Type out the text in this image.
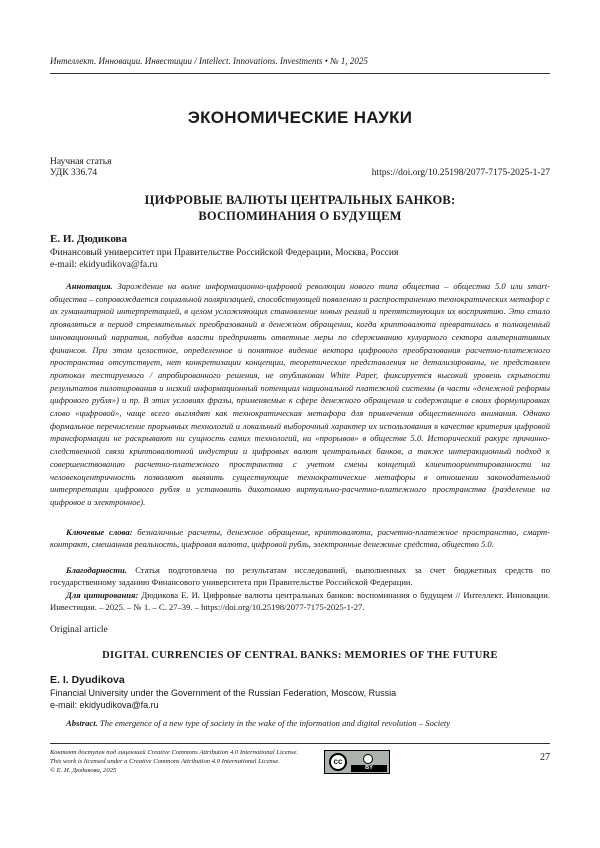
Интеллект. Инновации. Инвестиции / Intellect. Innovations. Investments • № 1, 2025
ЭКОНОМИЧЕСКИЕ НАУКИ
Научная статья
УДК 336.74	https://doi.org/10.25198/2077-7175-2025-1-27
ЦИФРОВЫЕ ВАЛЮТЫ ЦЕНТРАЛЬНЫХ БАНКОВ:
ВОСПОМИНАНИЯ О БУДУЩЕМ
Е. И. Дюдикова
Финансовый университет при Правительстве Российской Федерации, Москва, Россия
e-mail: ekidyudikova@fa.ru

Аннотация. Зарождение на волне информационно-цифровой революции нового типа общества – общества 5.0 или smart-общества – сопровождается социальной поляризацией, способствующей появлению и распространению технократических метафор с их гуманитарной интерпретацией, в целом усложняющих становление новых реалий и препятствующих их восприятию. Это стало проявляться в период стремительных преобразований в денежном обращении, когда криптовалюта превратилась в полноценный инновационный нарратив, побудив власти предпринять ответные меры по сдерживанию кулуарного сектора альтернативных финансов. При этом целостное, определенное и понятное видение вектора цифрового преобразования расчетно-платежного пространства отсутствует, нет конкретизации концепции, теоретические представления не детализированы, не представлен протокол тестируемого / апробированного решения, не опубликован White Paper, фиксируется высокий уровень скрытости результатов пилотирования и низкий информационный потенциал национальной платежной системы (в части «денежной реформы цифрового рубля») и пр. В этих условиях фразы, применяемые к сфере денежного обращения и содержащие в своих формулировках слово «цифровой», чаще всего выглядят как технократическая метафора для привлечения общественного внимания. Однако формальное перечисление прорывных технологий и локальный выборочный характер их использования в качестве критерия цифровой трансформации не раскрывают ни сущность самих технологий, ни «прорывов» в обществе 5.0. Исторический ракурс причинно-следственной связи криптовалютной индустрии и цифровых валют центральных банков, а также интеракционный подход к совершенствованию расчетно-платежного пространства с учетом смены концепций клиентоориентированности на человекоцентричность позволяют выявить существующие технократические метафоры в отношении законодательной интерпретации цифрового рубля и установить дихотомию виртуально-расчетно-платежного пространства (разделение на цифровое и электронное).

Ключевые слова: безналичные расчеты, денежное обращение, криптовалюта, расчетно-платежное пространство, смарт-контракт, смешанная реальность, цифровая валюта, цифровой рубль, электронные денежные средства, общество 5.0.

Благодарности. Статья подготовлена по результатам исследований, выполненных за счет бюджетных средств по государственному заданию Финансового университета при Правительстве Российской Федерации.

Для цитирования: Дюдикова Е. И. Цифровые валюты центральных банков: воспоминания о будущем // Интеллект. Инновации. Инвестиции. – 2025. – № 1. – С. 27–39. – https://doi.org/10.25198/2077-7175-2025-1-27.

Original article
DIGITAL CURRENCIES OF CENTRAL BANKS: MEMORIES OF THE FUTURE
E. I. Dyudikova
Financial University under the Government of the Russian Federation, Moscow, Russia
e-mail: ekidyudikova@fa.ru

Abstract. The emergence of a new type of society in the wake of the information and digital revolution – Society

Контент доступен под лицензией Creative Commons Attribution 4.0 International License.
This work is licensed under a Creative Commons Attribution 4.0 International License.
© Е. И. Дюдикова, 2025
cc
BY
27
